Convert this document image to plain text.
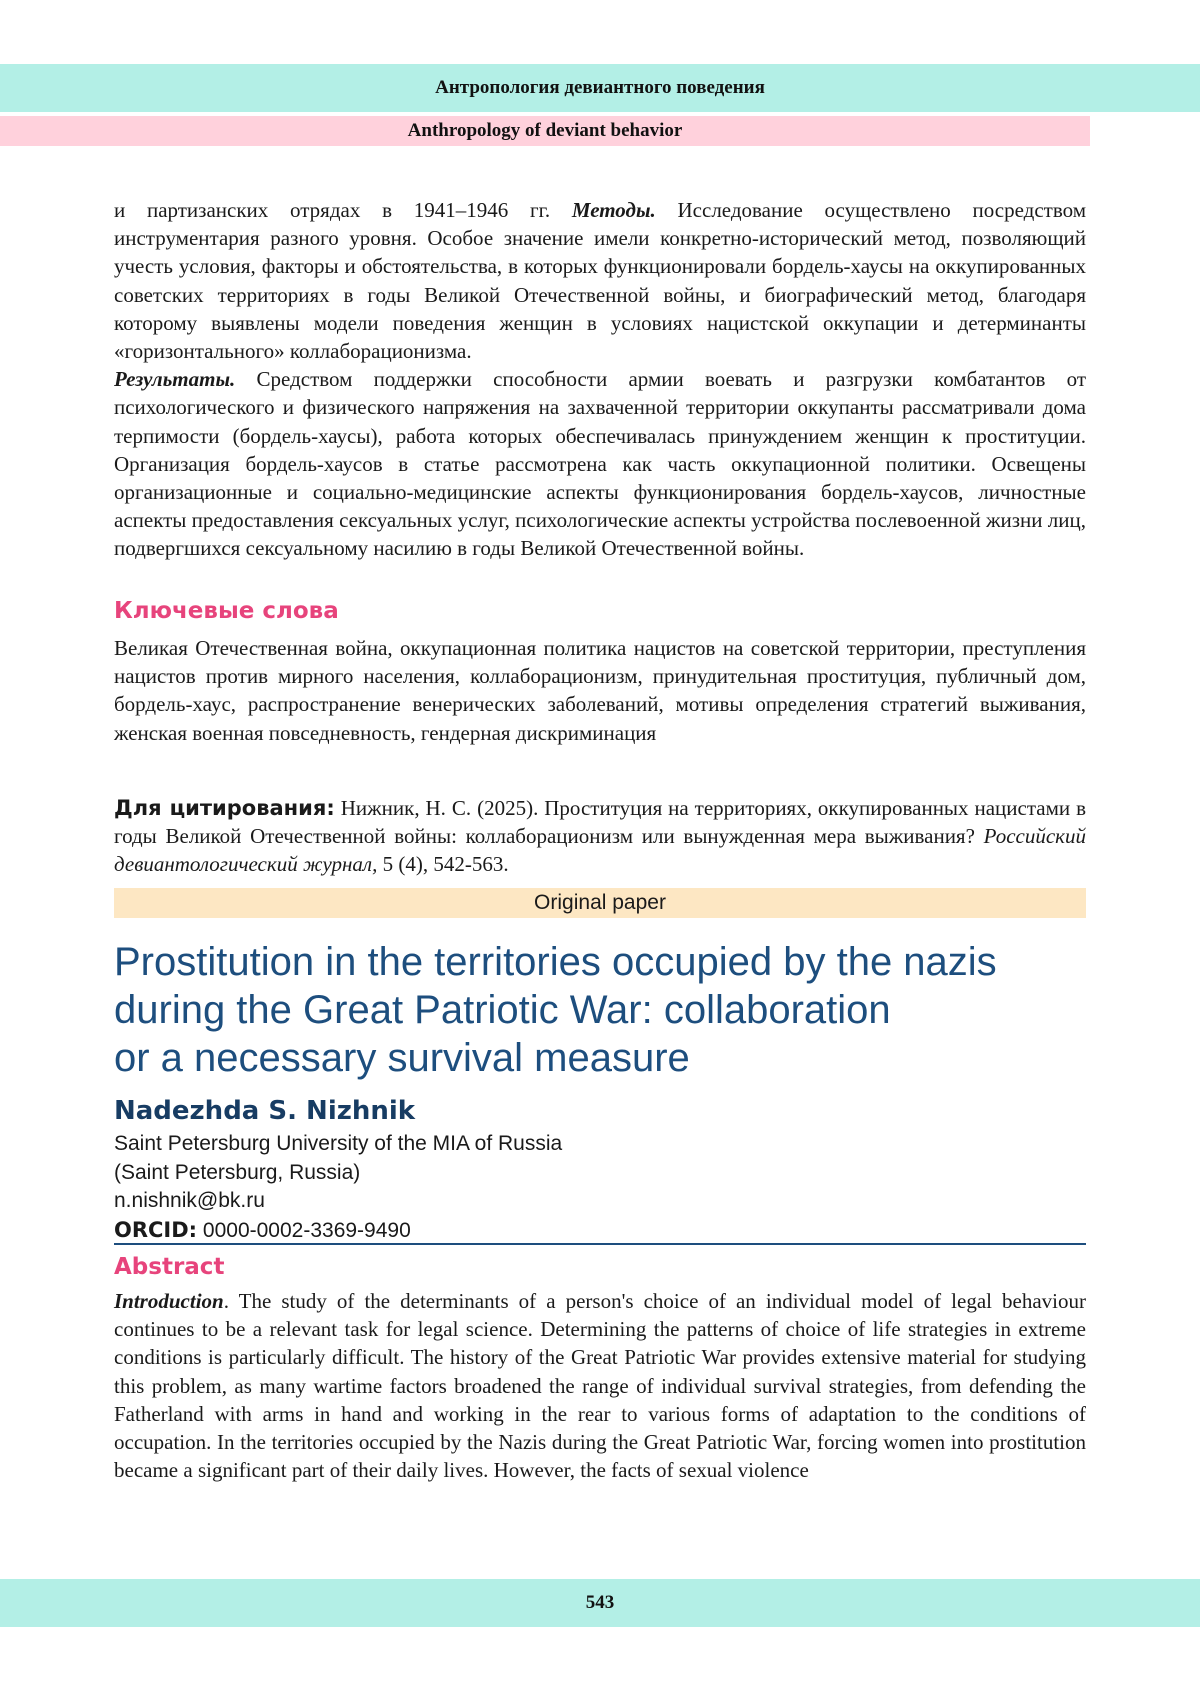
Антропология девиантного поведения
Anthropology of deviant behavior
и партизанских отрядах в 1941–1946 гг. Методы. Исследование осуществлено посредством инструментария разного уровня. Особое значение имели конкретно-исторический метод, позволяющий учесть условия, факторы и обстоятельства, в которых функционировали бордель-хаусы на оккупированных советских территориях в годы Великой Отечественной войны, и биографический метод, благодаря которому выявлены модели поведения женщин в условиях нацистской оккупации и детерминанты «горизонтального» коллаборационизма.
Результаты. Средством поддержки способности армии воевать и разгрузки комбатантов от психологического и физического напряжения на захваченной территории оккупанты рассматривали дома терпимости (бордель-хаусы), работа которых обеспечивалась принуждением женщин к проституции. Организация бордель-хаусов в статье рассмотрена как часть оккупационной политики. Освещены организационные и социально-медицинские аспекты функционирования бордель-хаусов, личностные аспекты предоставления сексуальных услуг, психологические аспекты устройства послевоенной жизни лиц, подвергшихся сексуальному насилию в годы Великой Отечественной войны.
Ключевые слова
Великая Отечественная война, оккупационная политика нацистов на советской территории, преступления нацистов против мирного населения, коллаборационизм, принудительная проституция, публичный дом, бордель-хаус, распространение венерических заболеваний, мотивы определения стратегий выживания, женская военная повседневность, гендерная дискриминация
Для цитирования: Нижник, Н. С. (2025). Проституция на территориях, оккупированных нацистами в годы Великой Отечественной войны: коллаборационизм или вынужденная мера выживания? Российский девиантологический журнал, 5 (4), 542-563.
Original paper
Prostitution in the territories occupied by the nazis
during the Great Patriotic War: collaboration
or a necessary survival measure
Nadezhda S. Nizhnik
Saint Petersburg University of the MIA of Russia
(Saint Petersburg, Russia)
n.nishnik@bk.ru
ORCID: 0000-0002-3369-9490
Abstract
Introduction. The study of the determinants of a person's choice of an individual model of legal behaviour continues to be a relevant task for legal science. Determining the patterns of choice of life strategies in extreme conditions is particularly difficult. The history of the Great Patriotic War provides extensive material for studying this problem, as many wartime factors broadened the range of individual survival strategies, from defending the Fatherland with arms in hand and working in the rear to various forms of adaptation to the conditions of occupation. In the territories occupied by the Nazis during the Great Patriotic War, forcing women into prostitution became a significant part of their daily lives. However, the facts of sexual violence
543
